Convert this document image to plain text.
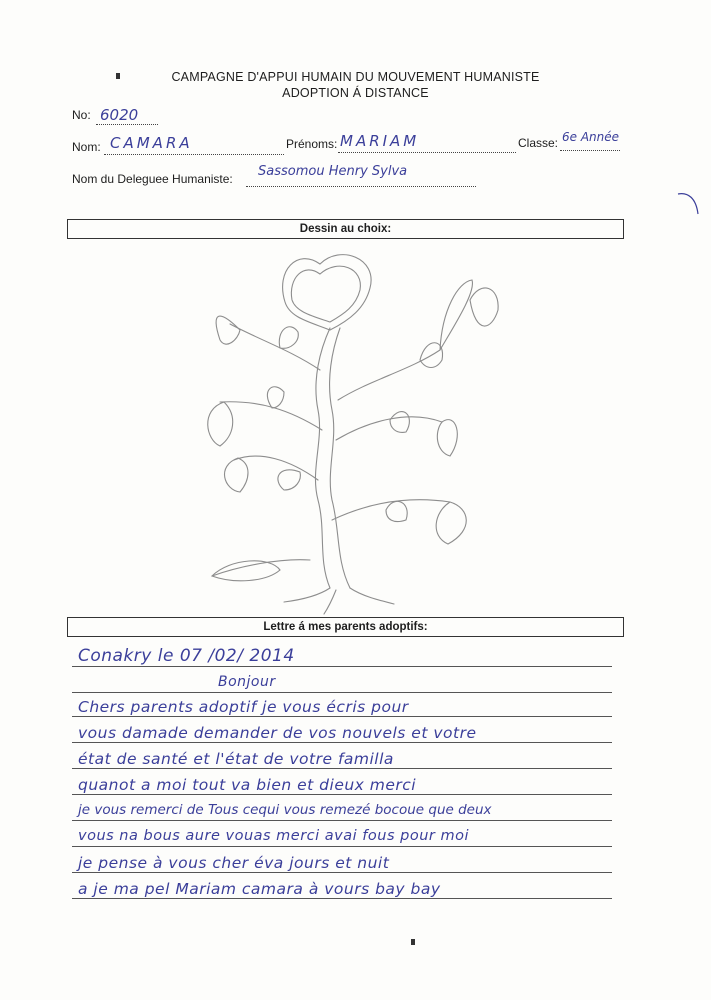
CAMPAGNE D'APPUI HUMAIN DU MOUVEMENT HUMANISTE
ADOPTION Á DISTANCE
No: 6020
Nom: CAMARA	Prénoms: MARIAM	Classe: 6e Année
Nom du Deleguee Humaniste: Sassomou Henry Sylva
Dessin au choix:
Lettre á mes parents adoptifs:
Conakry le 07 /02/ 2014
Bonjour
Chers parents adoptif je vous écris pour
vous damade demander de vos nouvels et votre
état de santé et l'état de votre familla
quanot a moi tout va bien et dieux merci
je vous remerci de Tous cequi vous remezé bocoue que deux
vous na bous aure vouas merci avai fous pour moi
je pense à vous cher éva jours et nuit
a je ma pel Mariam camara à vours bay bay
